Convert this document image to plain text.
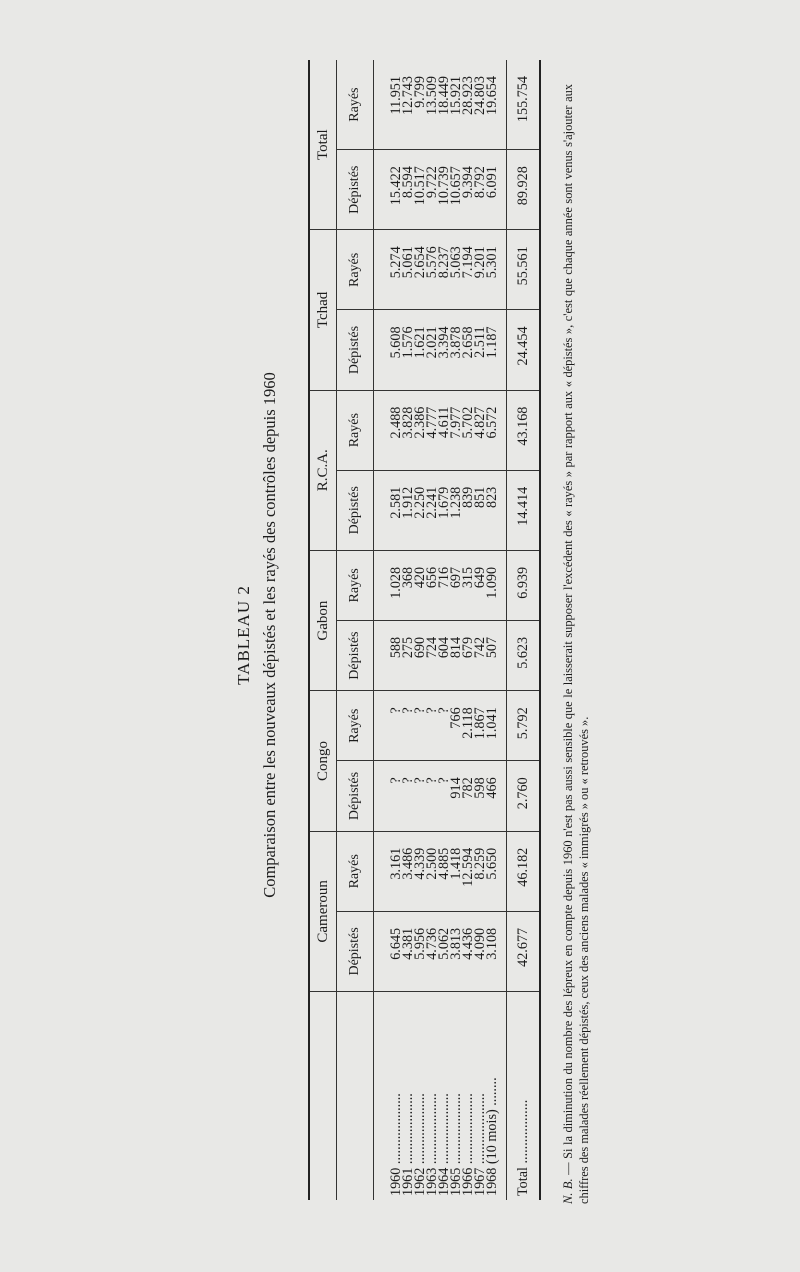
TABLEAU 2 Comparaison entre les nouveaux dépistés et les rayés des contrôles depuis 1960
	Cameroun		Congo		Gabon		R.C.A.		Tchad		Total	
	Dépistés	Rayés	Dépistés	Rayés	Dépistés	Rayés	Dépistés	Rayés	Dépistés	Rayés	Dépistés	Rayés
1960 ....................	6.645	3.161	?	?	588	1.028	2.581	2.488	5.608	5.274	15.422	11.951
1961 ....................	4.381	3.486	?	?	275	368	1.912	3.828	1.576	5.061	8.594	12.743
1962 ....................	5.956	4.339	?	?	690	420	2.250	2.386	1.621	2.654	10.517	9.799
1963 ....................	4.736	2.500	?	?	724	656	2.241	4.777	2.021	5.576	9.722	13.509
1964 ....................	5.062	4.885	?	?	604	716	1.679	4.611	3.394	8.237	10.739	18.449
1965 ....................	3.813	1.418	914	766	814	697	1.238	7.977	3.878	5.063	10.657	15.921
1966 ....................	4.436	12.594	782	2.118	679	315	839	5.702	2.658	7.194	9.394	28.923
1967 ....................	4.090	8.259	598	1.867	742	649	851	4.827	2.511	9.201	8.792	24.803
1968 (10 mois) ........	3.108	5.650	466	1.041	507	1.090	823	6.572	1.187	5.301	6.091	19.654
Total ..................	42.677	46.182	2.760	5.792	5.623	6.939	14.414	43.168	24.454	55.561	89.928	155.754
N. B. — Si la diminution du nombre des lépreux en compte depuis 1960 n'est pas aussi sensible que le laisserait supposer l'excédent des « rayés » par rapport aux « dépistés », c'est que chaque année sont venus s'ajouter aux chiffres des malades réellement dépistés, ceux des anciens malades « immigrés » ou « retrouvés ».
